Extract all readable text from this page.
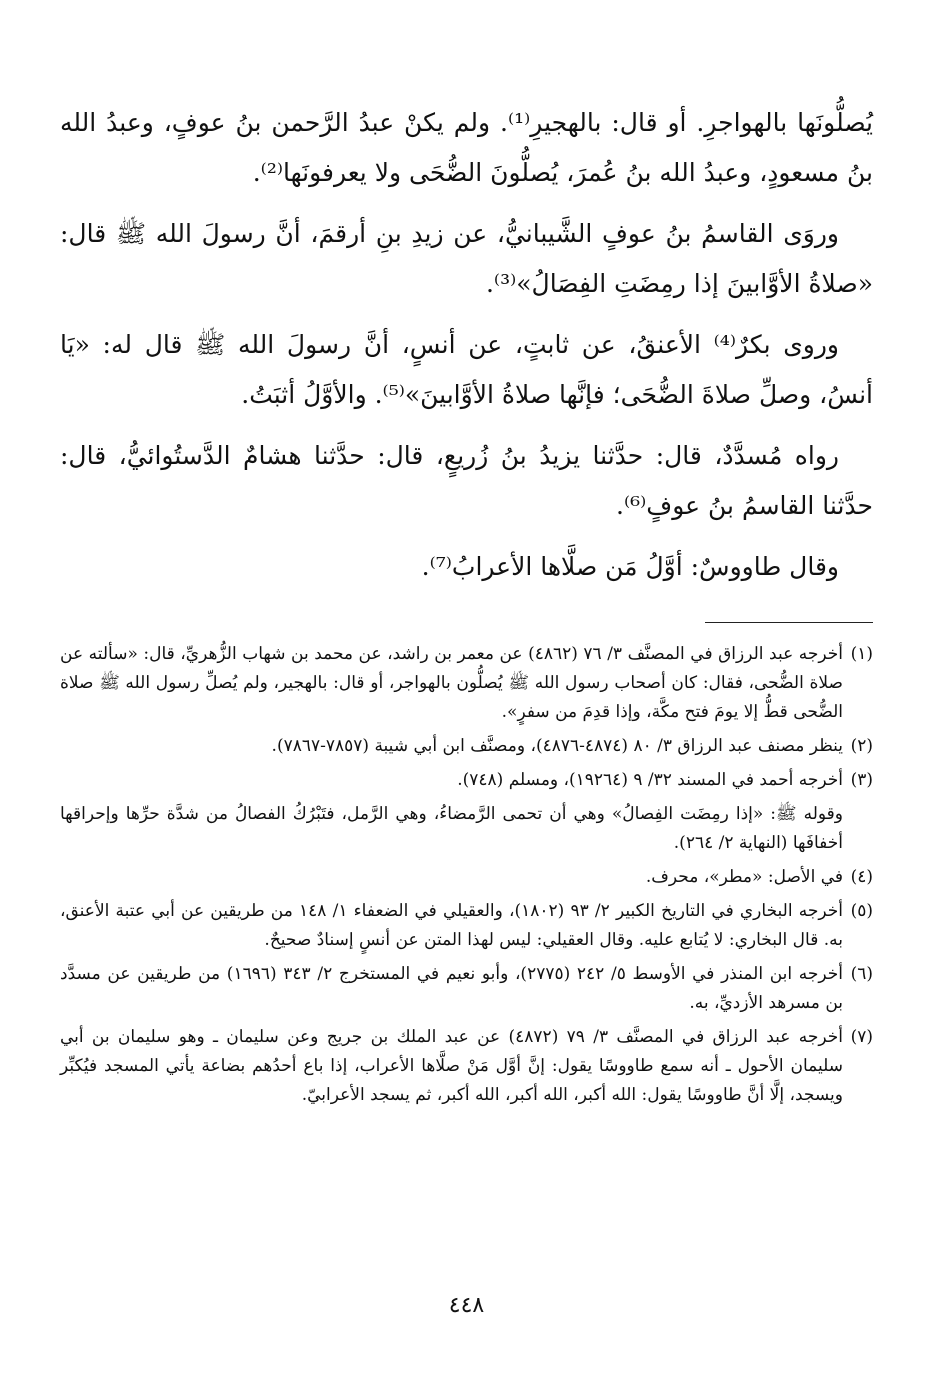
يُصلُّونَها بالهواجرِ. أو قال: بالهجيرِ⁽¹⁾. ولم يكنْ عبدُ الرَّحمن بنُ عوفٍ، وعبدُ الله بنُ مسعودٍ، وعبدُ الله بنُ عُمرَ، يُصلُّونَ الضُّحَى ولا يعرفونَها⁽²⁾.

وروَى القاسمُ بنُ عوفٍ الشَّيبانيُّ، عن زيدِ بنِ أرقمَ، أنَّ رسولَ الله ﷺ قال: «صلاةُ الأوَّابينَ إذا رمِضَتِ الفِصَالُ»⁽³⁾.

وروى بكرٌ⁽⁴⁾ الأعنقُ، عن ثابتٍ، عن أنسٍ، أنَّ رسولَ الله ﷺ قال له: «يَا أنسُ، وصلِّ صلاةَ الضُّحَى؛ فإنَّها صلاةُ الأوَّابينَ»⁽⁵⁾. والأوَّلُ أثبَتُ.

رواه مُسدَّدٌ، قال: حدَّثنا يزيدُ بنُ زُريعٍ، قال: حدَّثنا هشامٌ الدَّستُوائيُّ، قال: حدَّثنا القاسمُ بنُ عوفٍ⁽⁶⁾.

وقال طاووسٌ: أوَّلُ مَن صلَّاها الأعرابُ⁽⁷⁾.

(١)
أخرجه عبد الرزاق في المصنَّف ٣/ ٧٦ (٤٨٦٢) عن معمر بن راشد، عن محمد بن شهاب الزُّهريِّ، قال: «سألته عن صلاة الضُّحى، فقال: كان أصحاب رسول الله ﷺ يُصلُّون بالهواجر، أو قال: بالهجير، ولم يُصلِّ رسول الله ﷺ صلاة الضُّحى قطُّ إلا يومَ فتح مكَّة، وإذا قدِمَ من سفرٍ».
(٢)
ينظر مصنف عبد الرزاق ٣/ ٨٠ (٤٨٧٤-٤٨٧٦)، ومصنَّف ابن أبي شيبة (٧٨٥٧-٧٨٦٧).
(٣)
أخرجه أحمد في المسند ٣٢/ ٩ (١٩٢٦٤)، ومسلم (٧٤٨).
وقوله ﷺ: «إذا رمِضَت الفِصالُ» وهي أن تحمى الرَّمضاءُ، وهي الرَّمل، فتَبْرُكُ الفصالُ من شدَّة حرِّها وإحراقها أخفافَها (النهاية ٢/ ٢٦٤).
(٤)
في الأصل: «مطر»، محرف.
(٥)
أخرجه البخاري في التاريخ الكبير ٢/ ٩٣ (١٨٠٢)، والعقيلي في الضعفاء ١/ ١٤٨ من طريقين عن أبي عتبة الأعنق، به. قال البخاري: لا يُتابع عليه. وقال العقيلي: ليس لهذا المتن عن أنسٍ إسنادٌ صحيحٌ.
(٦)
أخرجه ابن المنذر في الأوسط ٥/ ٢٤٢ (٢٧٧٥)، وأبو نعيم في المستخرج ٢/ ٣٤٣ (١٦٩٦) من طريقين عن مسدَّد بن مسرهد الأزديِّ، به.
(٧)
أخرجه عبد الرزاق في المصنَّف ٣/ ٧٩ (٤٨٧٢) عن عبد الملك بن جريج وعن سليمان ـ وهو سليمان بن أبي سليمان الأحول ـ أنه سمع طاووسًا يقول: إنَّ أوَّل مَنْ صلَّاها الأعراب، إذا باع أحدُهم بضاعة يأتي المسجد فيُكبِّر ويسجد، إلَّا أنَّ طاووسًا يقول: الله أكبر، الله أكبر، الله أكبر، ثم يسجد الأعرابيّ.
٤٤٨
